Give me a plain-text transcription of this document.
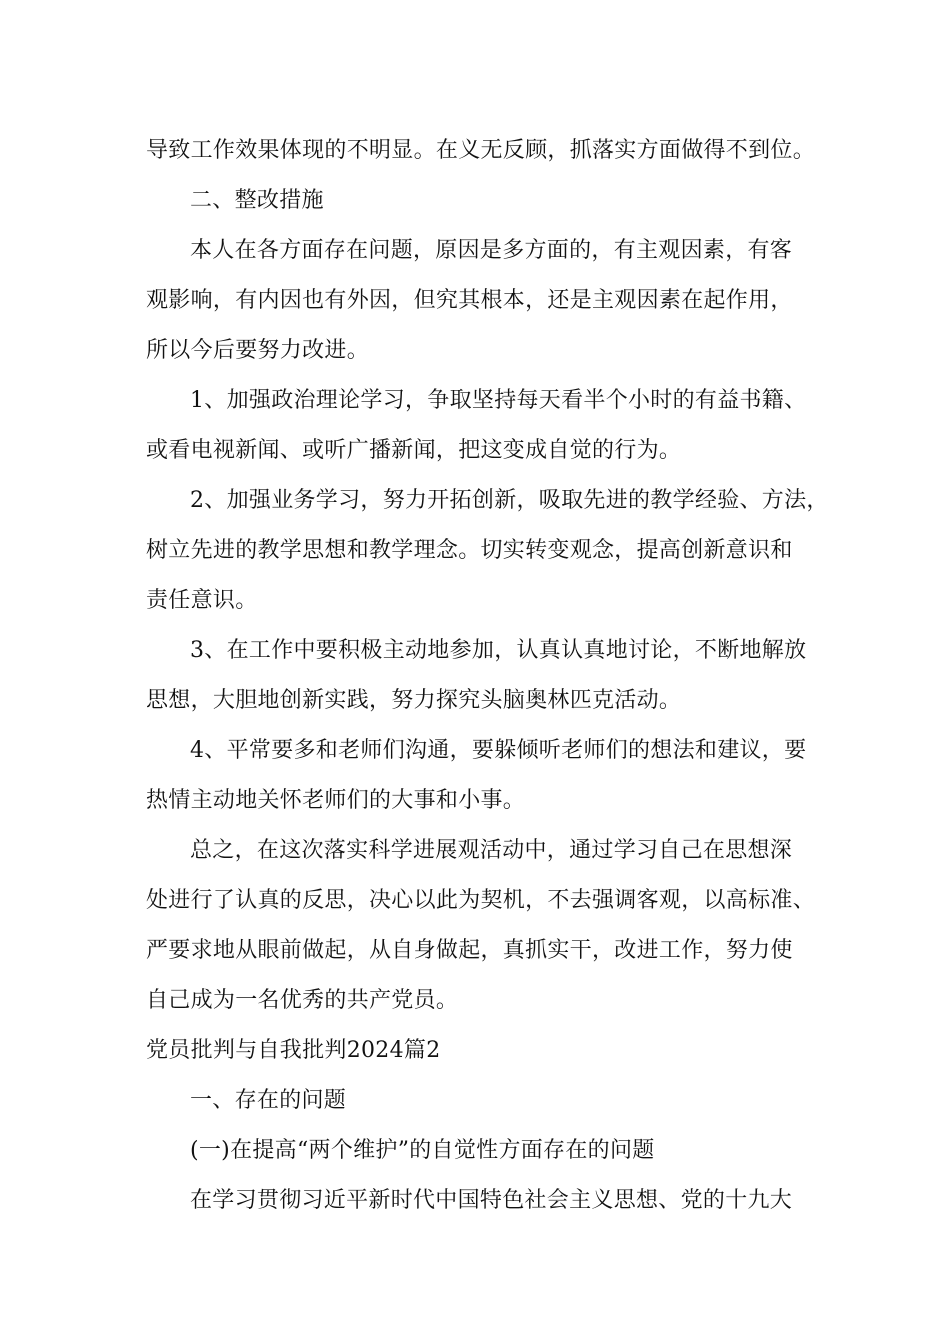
导致工作效果体现的不明显。在义无反顾，抓落实方面做得不到位。
二、整改措施
本人在各方面存在问题，原因是多方面的，有主观因素，有客
观影响，有内因也有外因，但究其根本，还是主观因素在起作用，
所以今后要努力改进。
1、加强政治理论学习，争取坚持每天看半个小时的有益书籍、
或看电视新闻、或听广播新闻，把这变成自觉的行为。
2、加强业务学习，努力开拓创新，吸取先进的教学经验、方法，
树立先进的教学思想和教学理念。切实转变观念，提高创新意识和
责任意识。
3、在工作中要积极主动地参加，认真认真地讨论，不断地解放
思想，大胆地创新实践，努力探究头脑奥林匹克活动。
4、平常要多和老师们沟通，要躲倾听老师们的想法和建议，要
热情主动地关怀老师们的大事和小事。
总之，在这次落实科学进展观活动中，通过学习自己在思想深
处进行了认真的反思，决心以此为契机，不去强调客观，以高标准、
严要求地从眼前做起，从自身做起，真抓实干，改进工作，努力使
自己成为一名优秀的共产党员。
党员批判与自我批判2024篇2
一、存在的问题
(一)在提高“两个维护”的自觉性方面存在的问题
在学习贯彻习近平新时代中国特色社会主义思想、党的十九大
